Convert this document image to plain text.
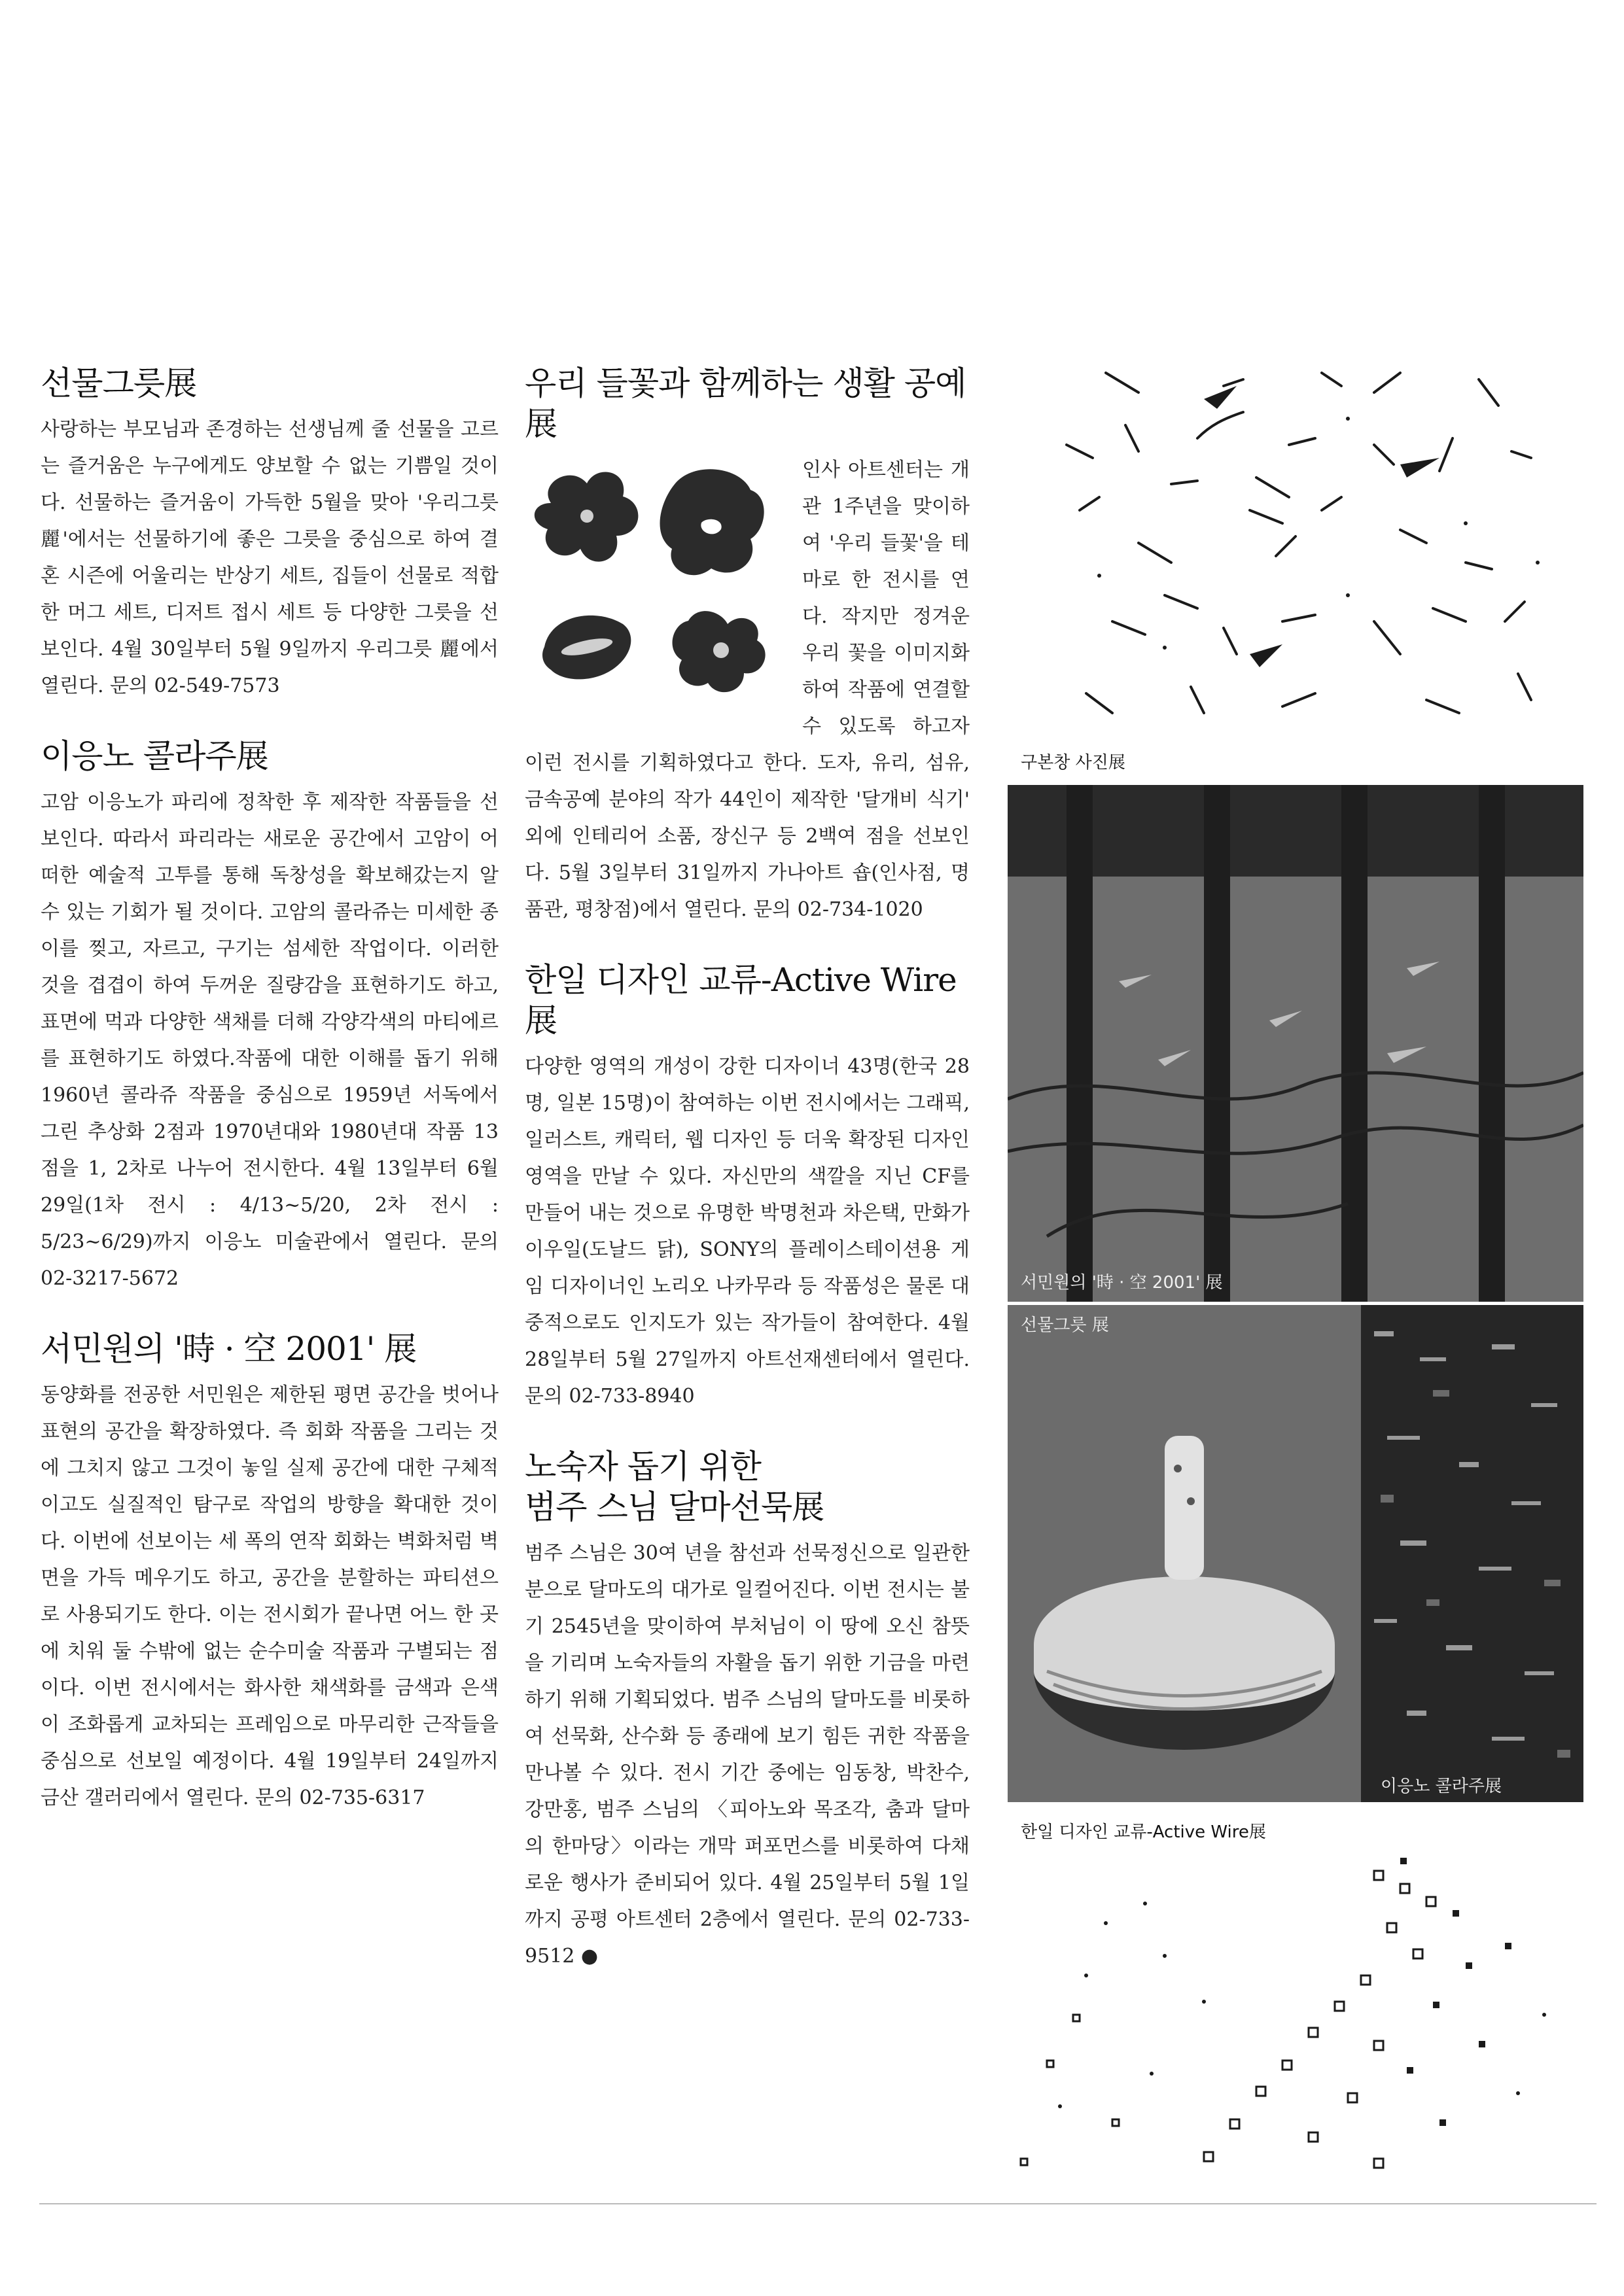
선물그릇展

사랑하는 부모님과 존경하는 선생님께 줄 선물을 고르는 즐거움은 누구에게도 양보할 수 없는 기쁨일 것이다. 선물하는 즐거움이 가득한 5월을 맞아 '우리그릇 麗'에서는 선물하기에 좋은 그릇을 중심으로 하여 결혼 시즌에 어울리는 반상기 세트, 집들이 선물로 적합한 머그 세트, 디저트 접시 세트 등 다양한 그릇을 선보인다. 4월 30일부터 5월 9일까지 우리그릇 麗에서 열린다. 문의 02-549-7573

이응노 콜라주展

고암 이응노가 파리에 정착한 후 제작한 작품들을 선보인다. 따라서 파리라는 새로운 공간에서 고암이 어떠한 예술적 고투를 통해 독창성을 확보해갔는지 알 수 있는 기회가 될 것이다. 고암의 콜라쥬는 미세한 종이를 찢고, 자르고, 구기는 섬세한 작업이다. 이러한 것을 겹겹이 하여 두꺼운 질량감을 표현하기도 하고, 표면에 먹과 다양한 색채를 더해 각양각색의 마티에르를 표현하기도 하였다.작품에 대한 이해를 돕기 위해 1960년 콜라쥬 작품을 중심으로 1959년 서독에서 그린 추상화 2점과 1970년대와 1980년대 작품 13점을 1, 2차로 나누어 전시한다. 4월 13일부터 6월 29일(1차 전시 : 4/13~5/20, 2차 전시 : 5/23~6/29)까지 이응노 미술관에서 열린다. 문의 02-3217-5672

서민원의 '時 · 空 2001' 展

동양화를 전공한 서민원은 제한된 평면 공간을 벗어나 표현의 공간을 확장하였다. 즉 회화 작품을 그리는 것에 그치지 않고 그것이 놓일 실제 공간에 대한 구체적이고도 실질적인 탐구로 작업의 방향을 확대한 것이다. 이번에 선보이는 세 폭의 연작 회화는 벽화처럼 벽면을 가득 메우기도 하고, 공간을 분할하는 파티션으로 사용되기도 한다. 이는 전시회가 끝나면 어느 한 곳에 치워 둘 수밖에 없는 순수미술 작품과 구별되는 점이다. 이번 전시에서는 화사한 채색화를 금색과 은색이 조화롭게 교차되는 프레임으로 마무리한 근작들을 중심으로 선보일 예정이다. 4월 19일부터 24일까지 금산 갤러리에서 열린다. 문의 02-735-6317

우리 들꽃과 함께하는 생활 공예展

인사 아트센터는 개관 1주년을 맞이하여 '우리 들꽃'을 테마로 한 전시를 연다. 작지만 정겨운 우리 꽃을 이미지화하여 작품에 연결할 수 있도록 하고자 이런 전시를 기획하였다고 한다. 도자, 유리, 섬유, 금속공예 분야의 작가 44인이 제작한 '달개비 식기' 외에 인테리어 소품, 장신구 등 2백여 점을 선보인다. 5월 3일부터 31일까지 가나아트 숍(인사점, 명품관, 평창점)에서 열린다. 문의 02-734-1020

한일 디자인 교류-Active Wire展

다양한 영역의 개성이 강한 디자이너 43명(한국 28명, 일본 15명)이 참여하는 이번 전시에서는 그래픽, 일러스트, 캐릭터, 웹 디자인 등 더욱 확장된 디자인 영역을 만날 수 있다. 자신만의 색깔을 지닌 CF를 만들어 내는 것으로 유명한 박명천과 차은택, 만화가 이우일(도날드 닭), SONY의 플레이스테이션용 게임 디자이너인 노리오 나카무라 등 작품성은 물론 대중적으로도 인지도가 있는 작가들이 참여한다. 4월 28일부터 5월 27일까지 아트선재센터에서 열린다. 문의 02-733-8940

노숙자 돕기 위한
범주 스님 달마선묵展

범주 스님은 30여 년을 참선과 선묵정신으로 일관한 분으로 달마도의 대가로 일컬어진다. 이번 전시는 불기 2545년을 맞이하여 부처님이 이 땅에 오신 참뜻을 기리며 노숙자들의 자활을 돕기 위한 기금을 마련하기 위해 기획되었다. 범주 스님의 달마도를 비롯하여 선묵화, 산수화 등 종래에 보기 힘든 귀한 작품을 만나볼 수 있다. 전시 기간 중에는 임동창, 박찬수, 강만홍, 범주 스님의 〈피아노와 목조각, 춤과 달마의 한마당〉이라는 개막 퍼포먼스를 비롯하여 다채로운 행사가 준비되어 있다. 4월 25일부터 5월 1일까지 공평 아트센터 2층에서 열린다. 문의 02-733-9512 ●

구본창 사진展
서민원의 '時 · 空 2001' 展
선물그릇 展
이응노 콜라주展
한일 디자인 교류-Active Wire展
